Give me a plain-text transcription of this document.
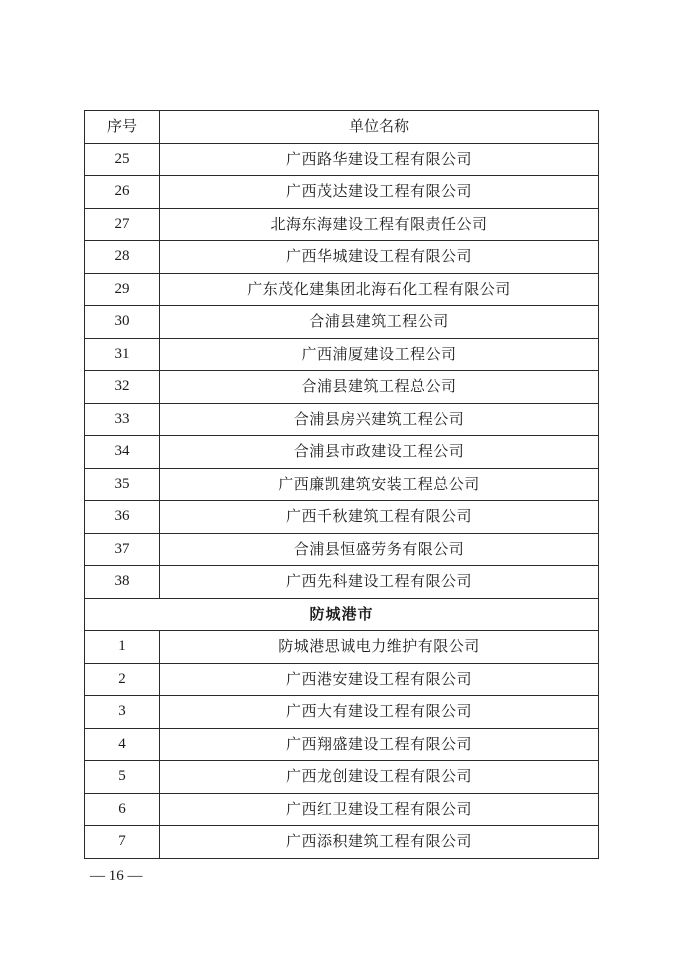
序号	单位名称
25	广西路华建设工程有限公司
26	广西茂达建设工程有限公司
27	北海东海建设工程有限责任公司
28	广西华城建设工程有限公司
29	广东茂化建集团北海石化工程有限公司
30	合浦县建筑工程公司
31	广西浦厦建设工程公司
32	合浦县建筑工程总公司
33	合浦县房兴建筑工程公司
34	合浦县市政建设工程公司
35	广西廉凯建筑安装工程总公司
36	广西千秋建筑工程有限公司
37	合浦县恒盛劳务有限公司
38	广西先科建设工程有限公司
防城港市	
1	防城港思诚电力维护有限公司
2	广西港安建设工程有限公司
3	广西大有建设工程有限公司
4	广西翔盛建设工程有限公司
5	广西龙创建设工程有限公司
6	广西红卫建设工程有限公司
7	广西添积建筑工程有限公司
— 16 —
